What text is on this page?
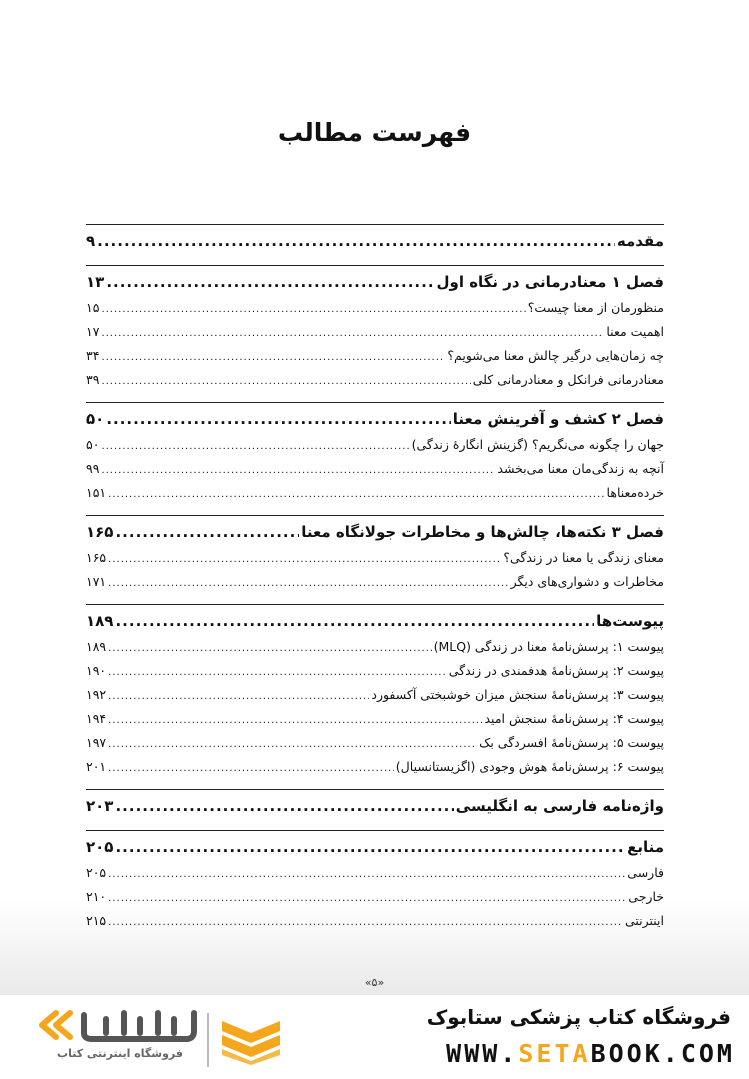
فهرست مطالب
مقدمه
.....
۹
فصل ۱ معنادرمانی در نگاه اول
.....
۱۳
منظورمان از معنا چیست؟
.....
۱۵
اهمیت معنا
.....
۱۷
چه زمان‌هایی درگیر چالش معنا می‌شویم؟
.....
۳۴
معنادرمانی فرانکل و معنادرمانی کلی
.....
۳۹
فصل ۲ کشف و آفرینش معنا
.....
۵۰
جهان را چگونه می‌نگریم؟ (گزینش انگارهٔ زندگی)
.....
۵۰
آنچه به زندگی‌مان معنا می‌بخشد
.....
۹۹
خرده‌معناها
.....
۱۵۱
فصل ۳ نکته‌ها، چالش‌ها و مخاطرات جولانگاه معنا
.....
۱۶۵
معنای زندگی یا معنا در زندگی؟
.....
۱۶۵
مخاطرات و دشواری‌های دیگر
.....
۱۷۱
پیوست‌ها
.....
۱۸۹
پیوست ۱: پرسش‌نامهٔ معنا در زندگی (MLQ)
.....
۱۸۹
پیوست ۲: پرسش‌نامهٔ هدفمندی در زندگی
.....
۱۹۰
پیوست ۳: پرسش‌نامهٔ سنجش میزان خوشبختی آکسفورد
.....
۱۹۲
پیوست ۴: پرسش‌نامهٔ سنجش امید
.....
۱۹۴
پیوست ۵: پرسش‌نامهٔ افسردگی بک
.....
۱۹۷
پیوست ۶: پرسش‌نامهٔ هوش وجودی (اگزیستانسیال)
.....
۲۰۱
واژه‌نامه فارسی به انگلیسی
.....
۲۰۳
منابع
.....
۲۰۵
فارسی
.....
۲۰۵
خارجی
.....
۲۱۰
اینترنتی
.....
۲۱۵
«۵»
فروشگاه کتاب پزشکی ستابوک
WWW.SETABOOK.COM
فروشگاه اینترنتی کتاب
